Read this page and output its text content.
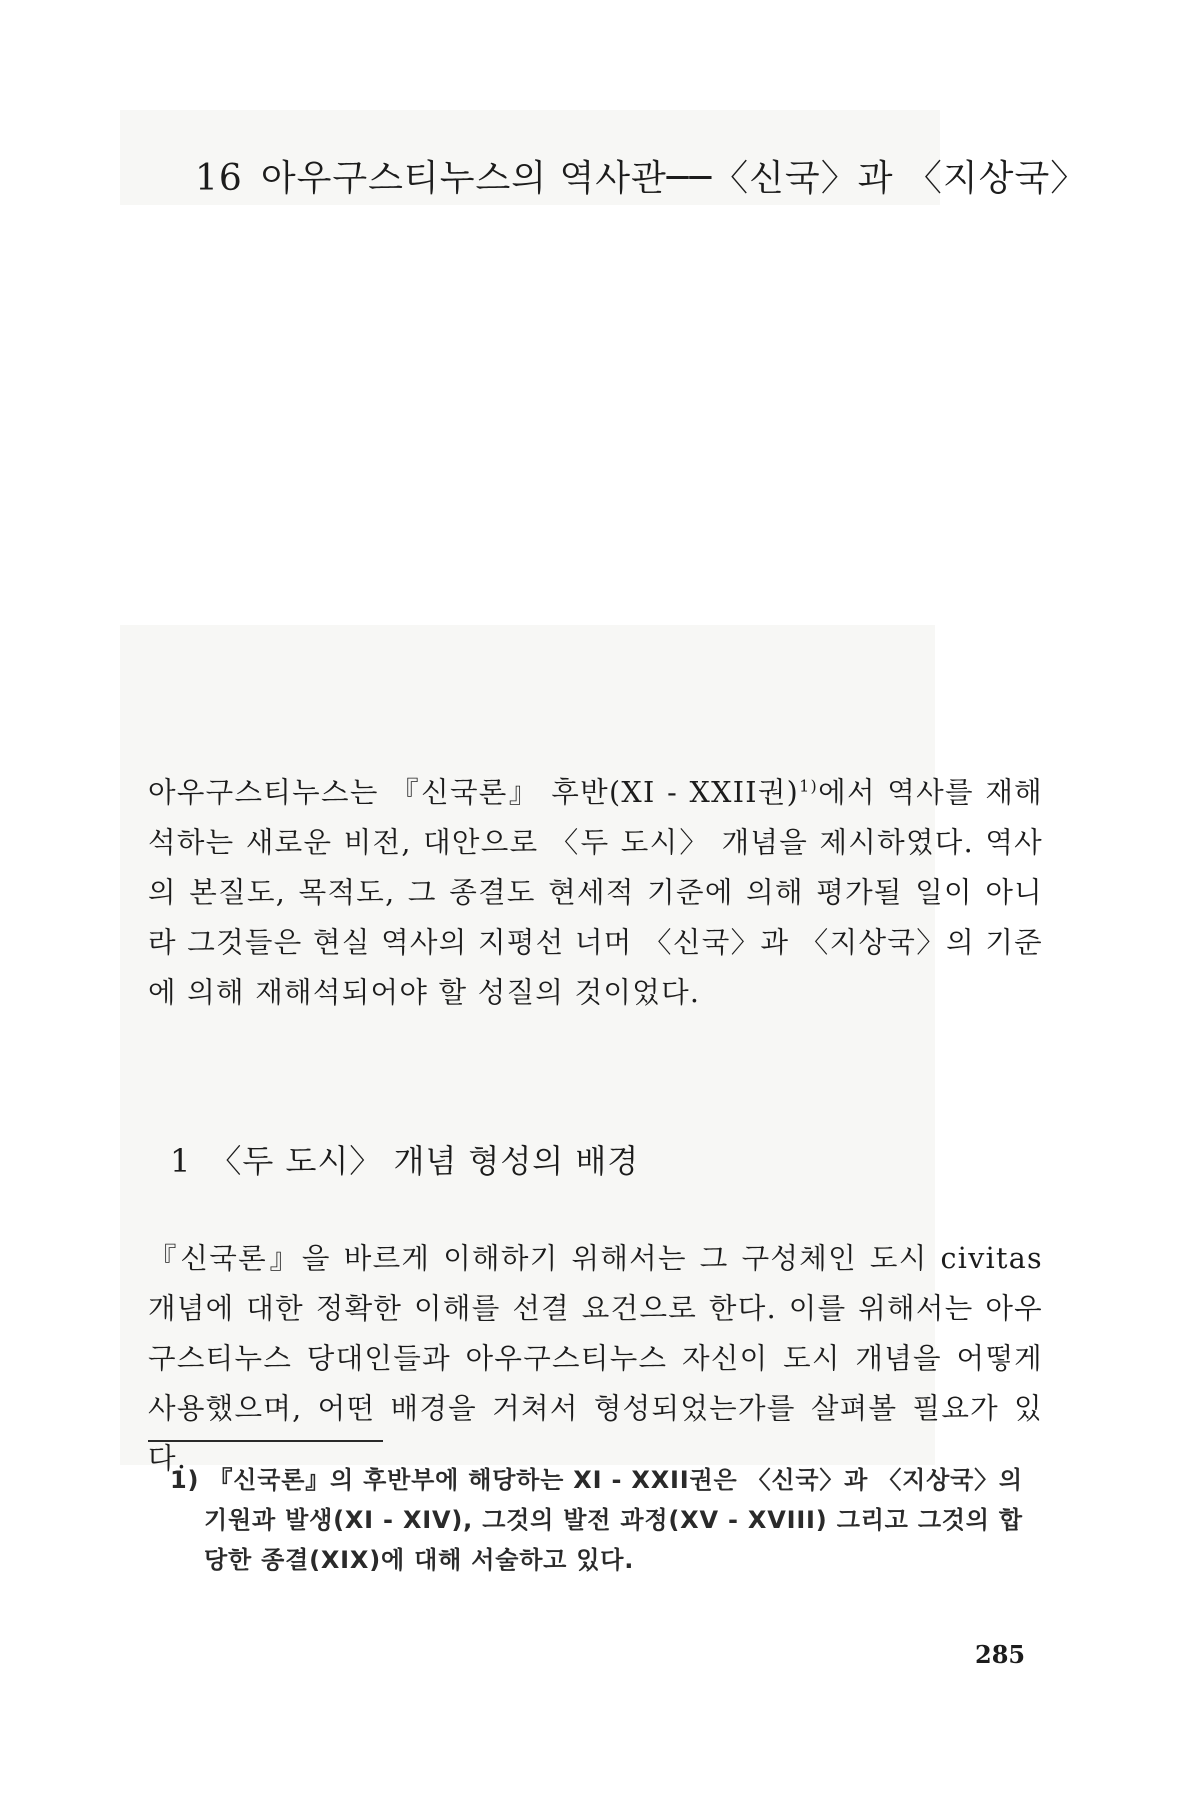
16 아우구스티누스의 역사관──〈신국〉과 〈지상국〉

아우구스티누스는 『신국론』 후반(XI - XXII권)$^{1)}$에서 역사를 재해석하는 새로운 비전, 대안으로 〈두 도시〉 개념을 제시하였다. 역사의 본질도, 목적도, 그 종결도 현세적 기준에 의해 평가될 일이 아니라 그것들은 현실 역사의 지평선 너머 〈신국〉과 〈지상국〉의 기준에 의해 재해석되어야 할 성질의 것이었다.

1 〈두 도시〉 개념 형성의 배경

『신국론』을 바르게 이해하기 위해서는 그 구성체인 도시 civitas 개념에 대한 정확한 이해를 선결 요건으로 한다. 이를 위해서는 아우구스티누스 당대인들과 아우구스티누스 자신이 도시 개념을 어떻게 사용했으며, 어떤 배경을 거쳐서 형성되었는가를 살펴볼 필요가 있다.

1) 『신국론』의 후반부에 해당하는 XI - XXII권은 〈신국〉과 〈지상국〉의 기원과 발생(XI - XIV), 그것의 발전 과정(XV - XVIII) 그리고 그것의 합당한 종결(XIX)에 대해 서술하고 있다.

285
